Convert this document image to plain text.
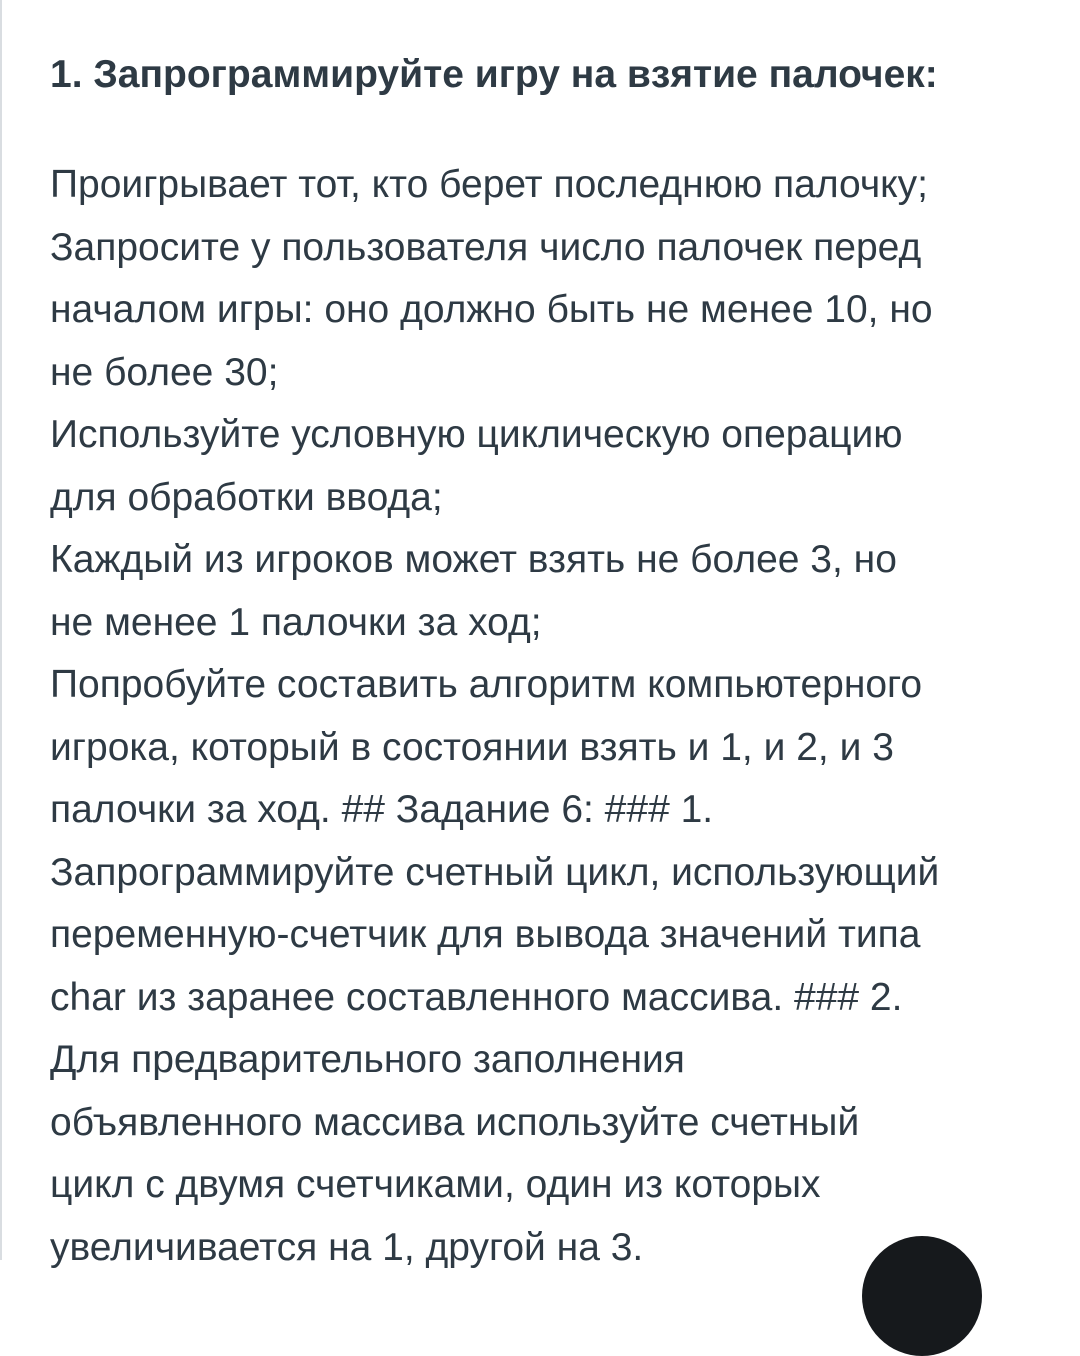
1. Запрограммируйте игру на взятие палочек:
Проигрывает тот, кто берет последнюю палочку;
Запросите у пользователя число палочек перед
началом игры: оно должно быть не менее 10, но
не более 30;
Используйте условную циклическую операцию
для обработки ввода;
Каждый из игроков может взять не более 3, но
не менее 1 палочки за ход;
Попробуйте составить алгоритм компьютерного
игрока, который в состоянии взять и 1, и 2, и 3
палочки за ход. ## Задание 6: ### 1.
Запрограммируйте счетный цикл, использующий
переменную-счетчик для вывода значений типа
char из заранее составленного массива. ### 2.
Для предварительного заполнения
объявленного массива используйте счетный
цикл с двумя счетчиками, один из которых
увеличивается на 1, другой на 3.
